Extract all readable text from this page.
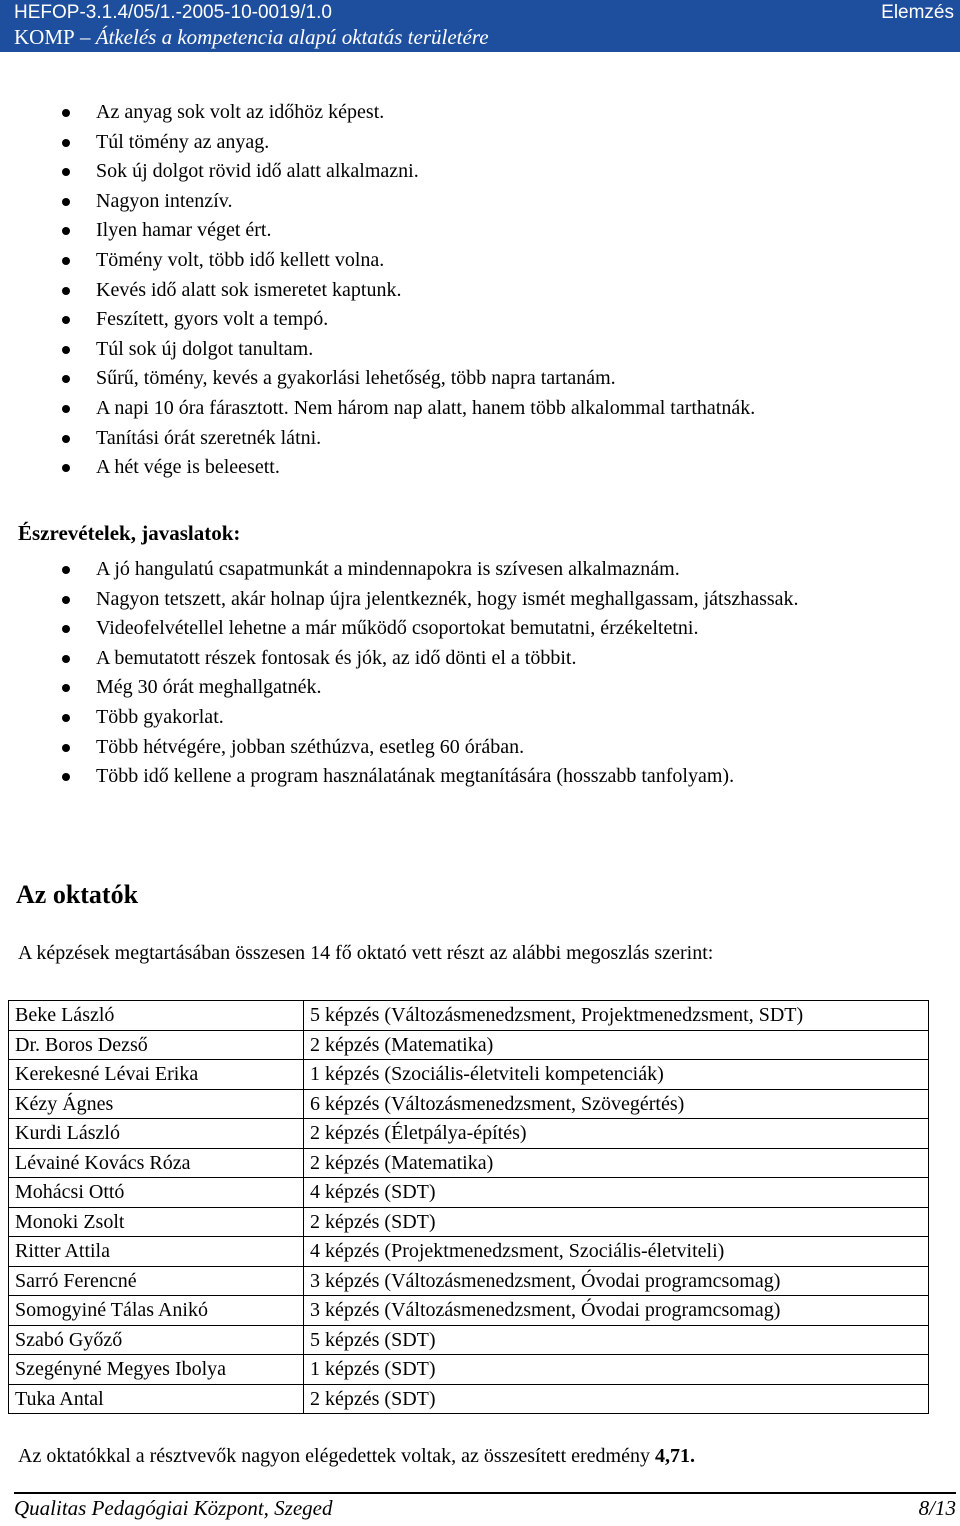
HEFOP-3.1.4/05/1.-2005-10-0019/1.0	Elemzés
KOMP – Átkelés a kompetencia alapú oktatás területére
Az anyag sok volt az időhöz képest.
Túl tömény az anyag.
Sok új dolgot rövid idő alatt alkalmazni.
Nagyon intenzív.
Ilyen hamar véget ért.
Tömény volt, több idő kellett volna.
Kevés idő alatt sok ismeretet kaptunk.
Feszített, gyors volt a tempó.
Túl sok új dolgot tanultam.
Sűrű, tömény, kevés a gyakorlási lehetőség, több napra tartanám.
A napi 10 óra fárasztott. Nem három nap alatt, hanem több alkalommal tarthatnák.
Tanítási órát szeretnék látni.
A hét vége is beleesett.
Észrevételek, javaslatok:
A jó hangulatú csapatmunkát a mindennapokra is szívesen alkalmaznám.
Nagyon tetszett, akár holnap újra jelentkeznék, hogy ismét meghallgassam, játszhassak.
Videofelvétellel lehetne a már működő csoportokat bemutatni, érzékeltetni.
A bemutatott részek fontosak és jók, az idő dönti el a többit.
Még 30 órát meghallgatnék.
Több gyakorlat.
Több hétvégére, jobban széthúzva, esetleg 60 órában.
Több idő kellene a program használatának megtanítására (hosszabb tanfolyam).
Az oktatók
A képzések megtartásában összesen 14 fő oktató vett részt az alábbi megoszlás szerint:
Beke László	5 képzés (Változásmenedzsment, Projektmenedzsment, SDT)
Dr. Boros Dezső	2 képzés (Matematika)
Kerekesné Lévai Erika	1 képzés (Szociális-életviteli kompetenciák)
Kézy Ágnes	6 képzés (Változásmenedzsment, Szövegértés)
Kurdi László	2 képzés (Életpálya-építés)
Lévainé Kovács Róza	2 képzés (Matematika)
Mohácsi Ottó	4 képzés (SDT)
Monoki Zsolt	2 képzés (SDT)
Ritter Attila	4 képzés (Projektmenedzsment, Szociális-életviteli)
Sarró Ferencné	3 képzés (Változásmenedzsment, Óvodai programcsomag)
Somogyiné Tálas Anikó	3 képzés (Változásmenedzsment, Óvodai programcsomag)
Szabó Győző	5 képzés (SDT)
Szegényné Megyes Ibolya	1 képzés (SDT)
Tuka Antal	2 képzés (SDT)
Az oktatókkal a résztvevők nagyon elégedettek voltak, az összesített eredmény 4,71.
Qualitas Pedagógiai Központ, Szeged	8/13
